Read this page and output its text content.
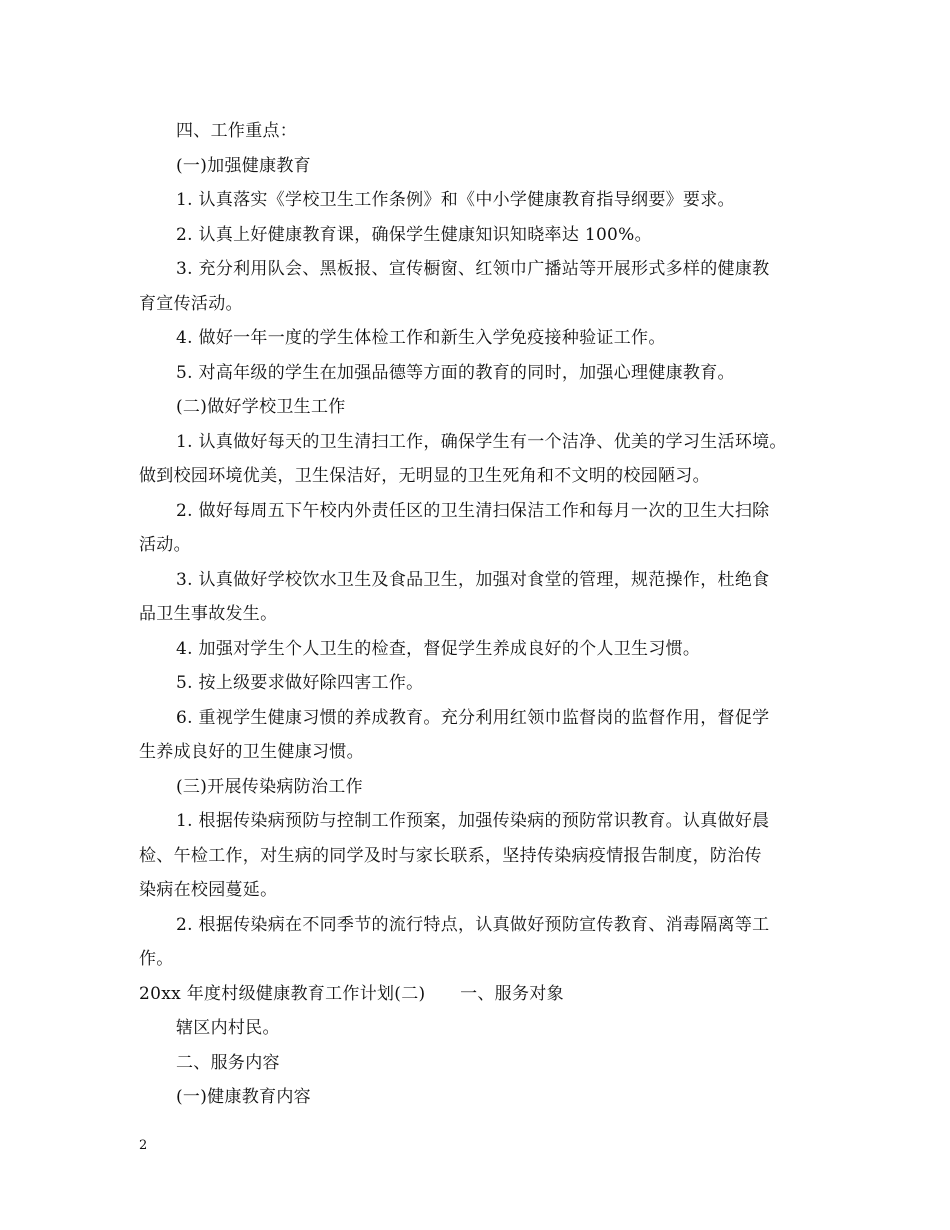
四、工作重点：
(一)加强健康教育
1. 认真落实《学校卫生工作条例》和《中小学健康教育指导纲要》要求。
2. 认真上好健康教育课，确保学生健康知识知晓率达 100%。
3. 充分利用队会、黑板报、宣传橱窗、红领巾广播站等开展形式多样的健康教
育宣传活动。
4. 做好一年一度的学生体检工作和新生入学免疫接种验证工作。
5. 对高年级的学生在加强品德等方面的教育的同时，加强心理健康教育。
(二)做好学校卫生工作
1. 认真做好每天的卫生清扫工作，确保学生有一个洁净、优美的学习生活环境。
做到校园环境优美，卫生保洁好，无明显的卫生死角和不文明的校园陋习。
2. 做好每周五下午校内外责任区的卫生清扫保洁工作和每月一次的卫生大扫除
活动。
3. 认真做好学校饮水卫生及食品卫生，加强对食堂的管理，规范操作，杜绝食
品卫生事故发生。
4. 加强对学生个人卫生的检查，督促学生养成良好的个人卫生习惯。
5. 按上级要求做好除四害工作。
6. 重视学生健康习惯的养成教育。充分利用红领巾监督岗的监督作用，督促学
生养成良好的卫生健康习惯。
(三)开展传染病防治工作
1. 根据传染病预防与控制工作预案，加强传染病的预防常识教育。认真做好晨
检、午检工作，对生病的同学及时与家长联系，坚持传染病疫情报告制度，防治传
染病在校园蔓延。
2. 根据传染病在不同季节的流行特点，认真做好预防宣传教育、消毒隔离等工
作。
20xx 年度村级健康教育工作计划(二)　　一、服务对象
辖区内村民。
二、服务内容
(一)健康教育内容
2
